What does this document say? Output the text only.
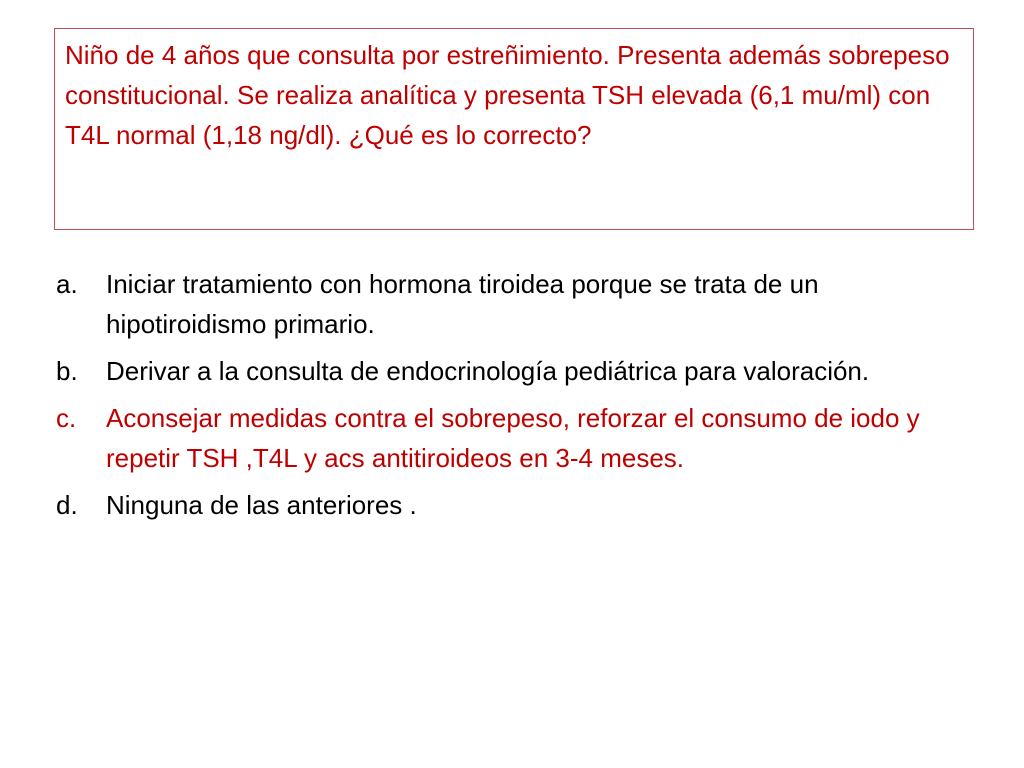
Niño de 4 años que consulta por estreñimiento. Presenta además sobrepeso constitucional. Se realiza analítica y presenta TSH elevada (6,1 mu/ml) con T4L normal (1,18 ng/dl). ¿Qué es lo correcto?

a.	Iniciar tratamiento con hormona tiroidea porque se trata de un hipotiroidismo primario.
b.	Derivar a la consulta de endocrinología pediátrica para valoración.
c.	Aconsejar medidas contra el sobrepeso, reforzar el consumo de iodo y repetir TSH ,T4L y acs antitiroideos en 3-4 meses.
d.	Ninguna de las anteriores .
